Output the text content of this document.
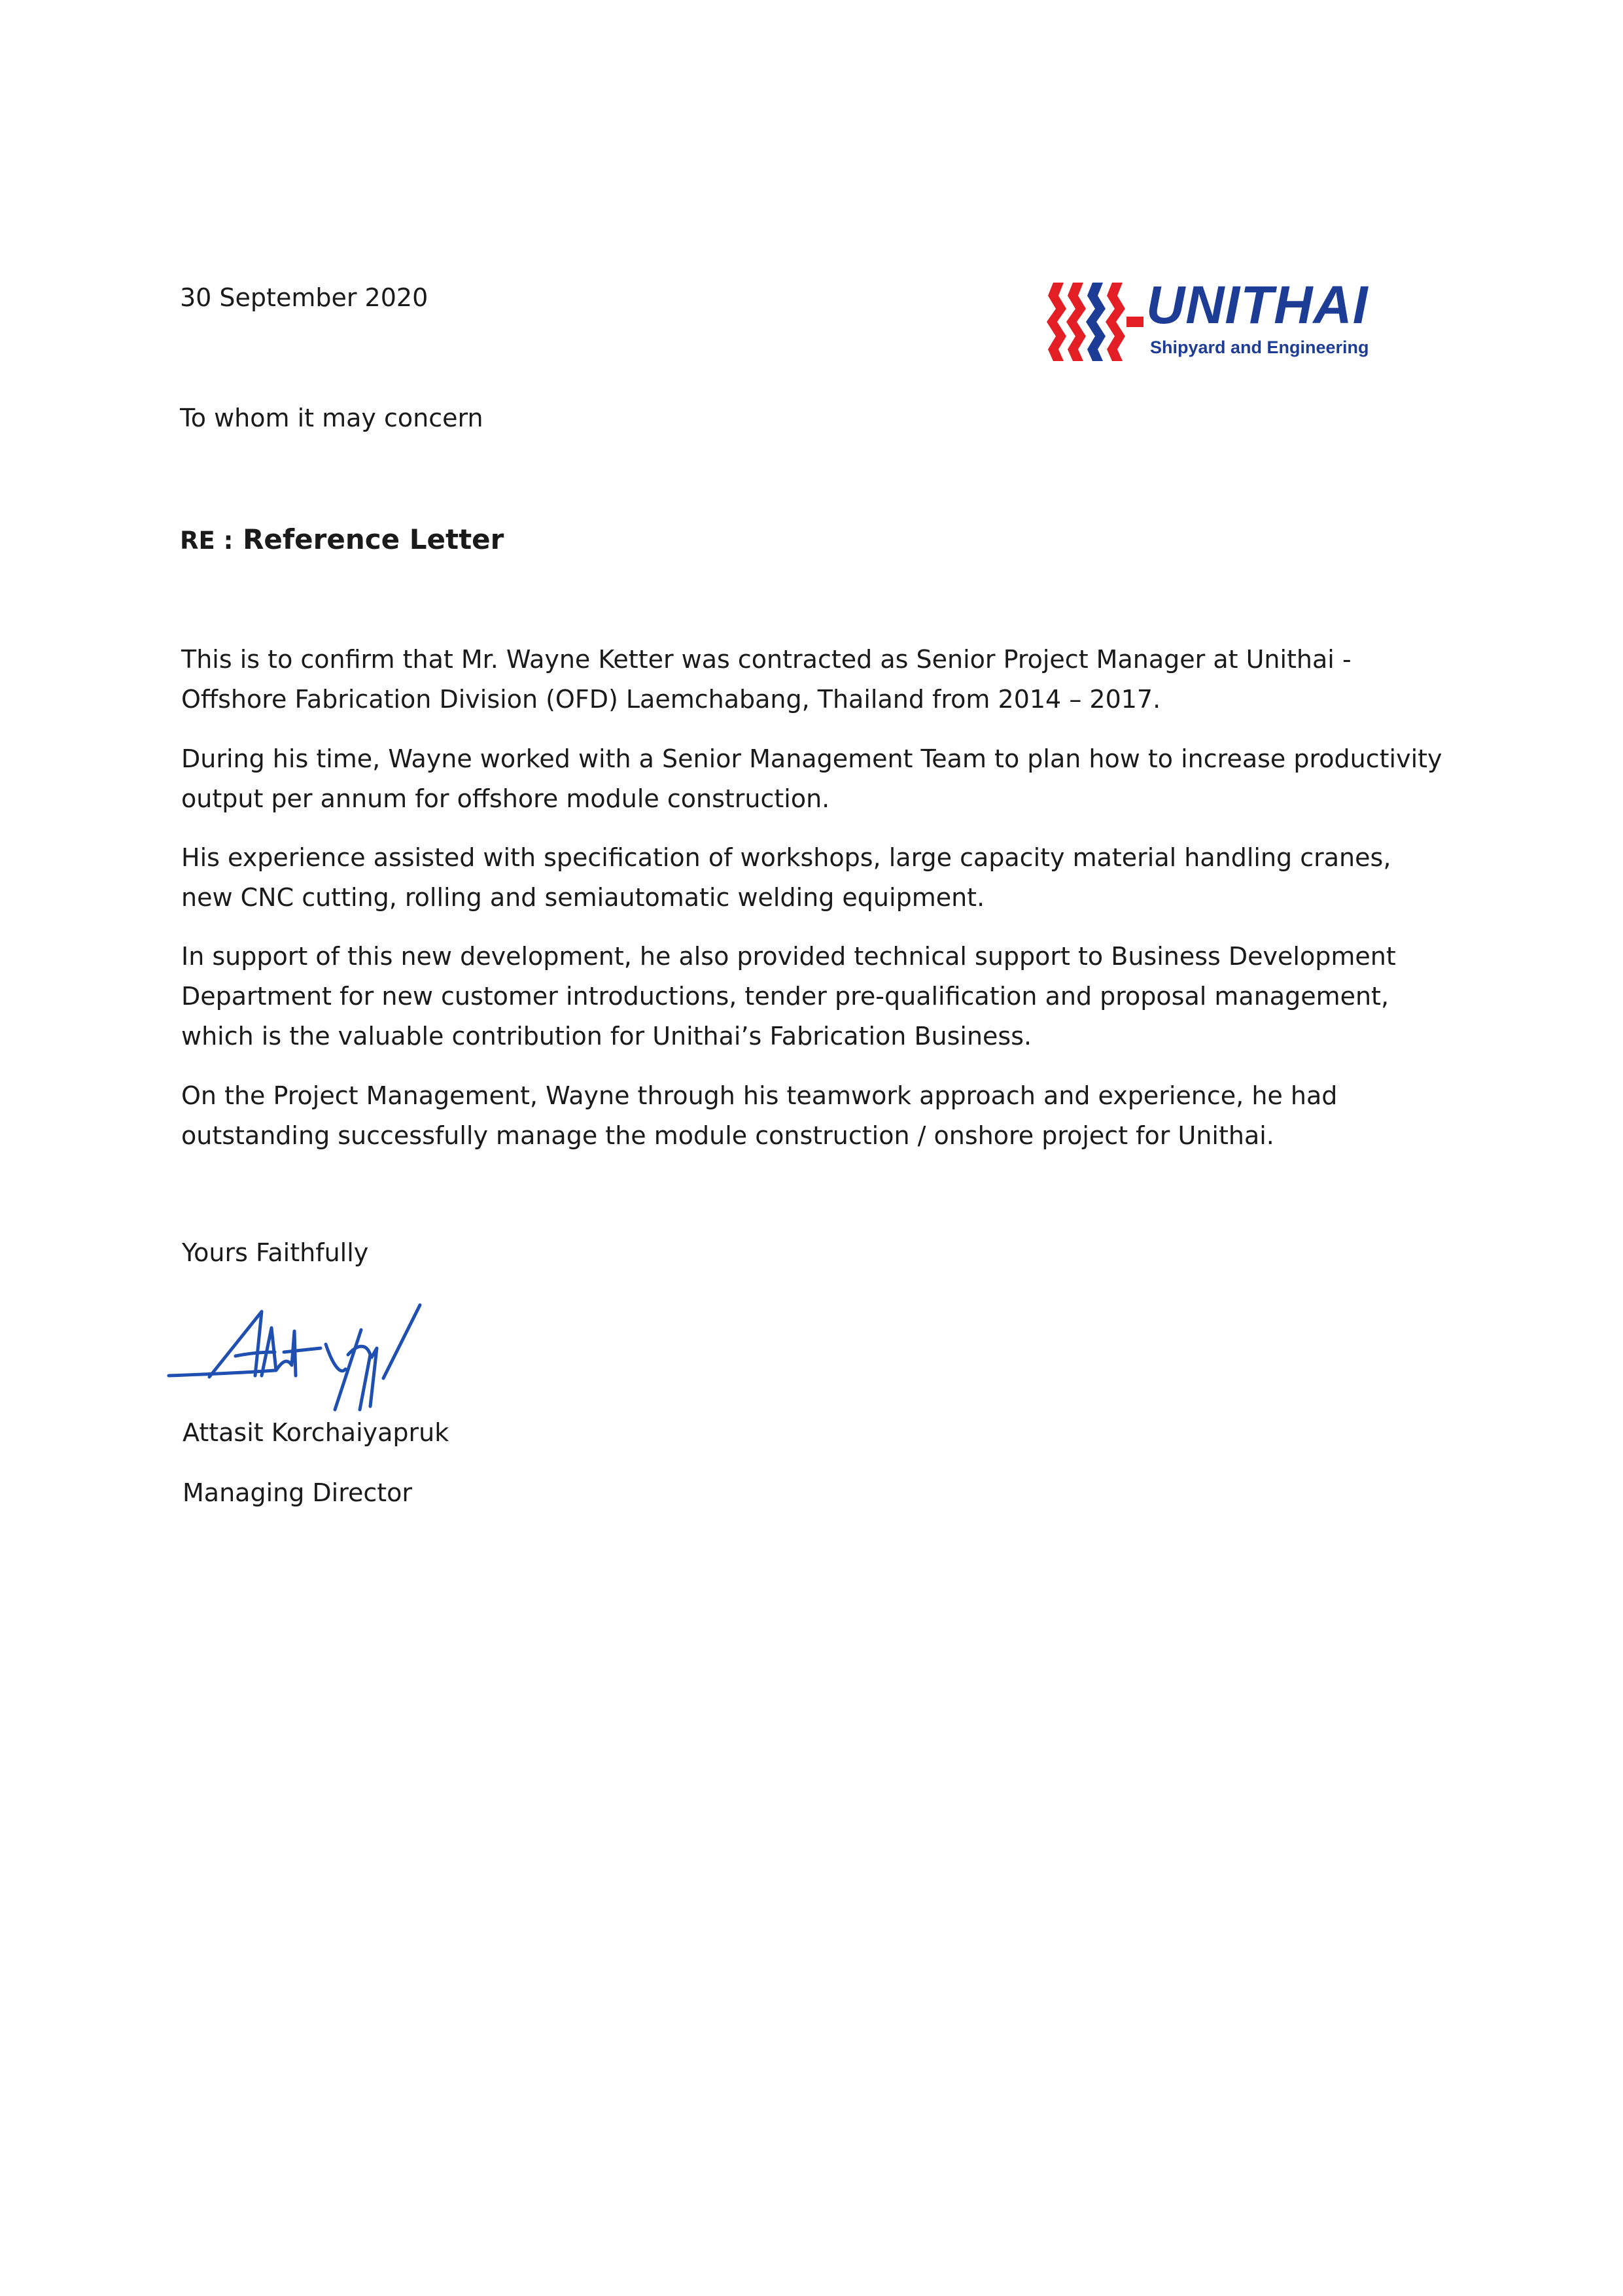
UNITHAI
Shipyard and Engineering
30 September 2020
To whom it may concern
RE : Reference Letter
This is to confirm that Mr. Wayne Ketter was contracted as Senior Project Manager at Unithai - Offshore Fabrication Division (OFD) Laemchabang, Thailand from 2014 – 2017.
During his time, Wayne worked with a Senior Management Team to plan how to increase productivity output per annum for offshore module construction.
His experience assisted with specification of workshops, large capacity material handling cranes, new CNC cutting, rolling and semiautomatic welding equipment.
In support of this new development, he also provided technical support to Business Development Department for new customer introductions, tender pre-qualification and proposal management, which is the valuable contribution for Unithai’s Fabrication Business.
On the Project Management, Wayne through his teamwork approach and experience, he had outstanding successfully manage the module construction / onshore project for Unithai.
Yours Faithfully
Attasit Korchaiyapruk
Managing Director
